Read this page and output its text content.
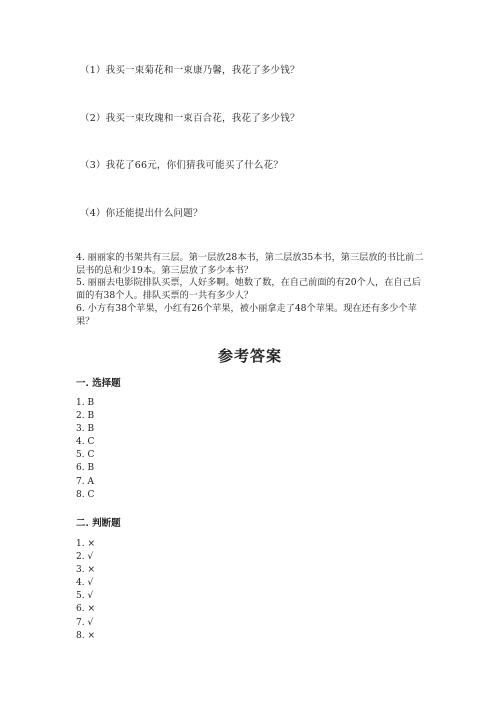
（1）我买一束菊花和一束康乃馨，我花了多少钱？
（2）我买一束玫瑰和一束百合花，我花了多少钱？
（3）我花了66元，你们猜我可能买了什么花？
（4）你还能提出什么问题？
4. 丽丽家的书架共有三层。第一层放28本书，第二层放35本书，第三层放的书比前二层书的总和少19本。第三层放了多少本书？
5. 丽丽去电影院排队买票，人好多啊。她数了数，在自己前面的有20个人，在自己后面的有38个人。排队买票的一共有多少人？
6. 小方有38个苹果，小红有26个苹果，被小丽拿走了48个苹果。现在还有多少个苹果？
参考答案
一. 选择题
1. B
2. B
3. B
4. C
5. C
6. B
7. A
8. C
二. 判断题
1. ×
2. √
3. ×
4. √
5. √
6. ×
7. √
8. ×
